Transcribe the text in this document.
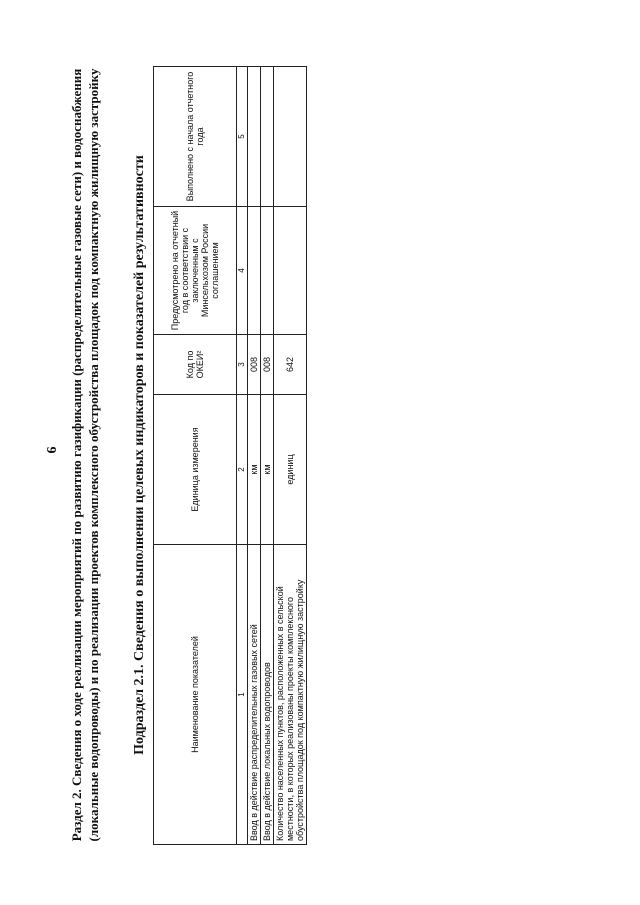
6 Раздел 2. Сведения о ходе реализации мероприятий по развитию газификации (распределительные газовые сети) и водоснабжения (локальные водопроводы) и по реализации проектов комплексного обустройства площадок под компактную жилищную застройку Подраздел 2.1. Сведения о выполнении целевых индикаторов и показателей результативности	Наименование показателей	Единица измерения	Код по ОКЕИ²	Предусмотрено на отчетный год в соответствии с заключенным с Минсельхозом России соглашением	Выполнено с начала отчетного года
1	2	3	4	5
Ввод в действие распределительных газовых сетей	км	008		
Ввод в действие локальных водопроводов	км	008		
Количество населенных пунктов, расположенных в сельской местности, в которых реализованы проекты комплексного обустройства площадок под компактную жилищную застройку	единиц	642		
